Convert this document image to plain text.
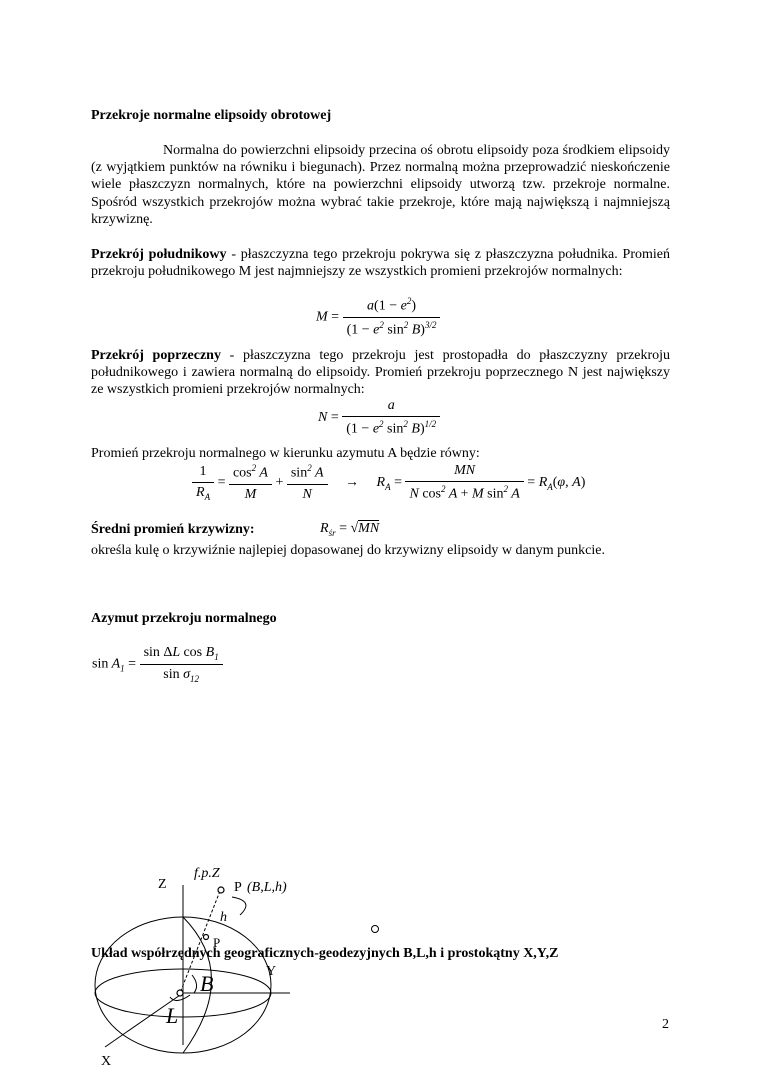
Przekroje normalne elipsoidy obrotowej
Normalna do powierzchni elipsoidy przecina oś obrotu elipsoidy poza środkiem elipsoidy (z wyjątkiem punktów na równiku i biegunach). Przez normalną można przeprowadzić nieskończenie wiele płaszczyzn normalnych, które na powierzchni elipsoidy utworzą tzw. przekroje normalne. Spośród wszystkich przekrojów można wybrać takie przekroje, które mają największą i najmniejszą krzywiznę.
Przekrój południkowy - płaszczyzna tego przekroju pokrywa się z płaszczyzna południka. Promień przekroju południkowego M jest najmniejszy ze wszystkich promieni przekrojów normalnych:
$M = \frac{a(1 - e^2)}{(1 - e^2 \sin^2 B)^{3/2}}$
Przekrój poprzeczny - płaszczyzna tego przekroju jest prostopadła do płaszczyzny przekroju południkowego i zawiera normalną do elipsoidy. Promień przekroju poprzecznego N jest największy ze wszystkich promieni przekrojów normalnych:
$N = \frac{a}{(1 - e^2 \sin^2 B)^{1/2}}$
Promień przekroju normalnego w kierunku azymutu A będzie równy:
$\frac{1}{R_A} = \frac{\cos^2 A}{M} + \frac{\sin^2 A}{N} \to R_A = \frac{MN}{N \cos^2 A + M \sin^2 A} = R_A(\varphi$, A)
Średni promień krzywizny:	$R_{śr} = √MN$
określa kulę o krzywiźnie najlepiej dopasowanej do krzywizny elipsoidy w danym punkcie.
Azymut przekroju normalnego
$\sin A_1 = \frac{\sin \Delta L \cos B_1}{\sin \sigma_{12}}$
f.p.Z
Z	P (B,L,h)
h
P
Y
B
L
X
Układ współrzędnych geograficznych-geodezyjnych B,L,h i prostokątny X,Y,Z
2
